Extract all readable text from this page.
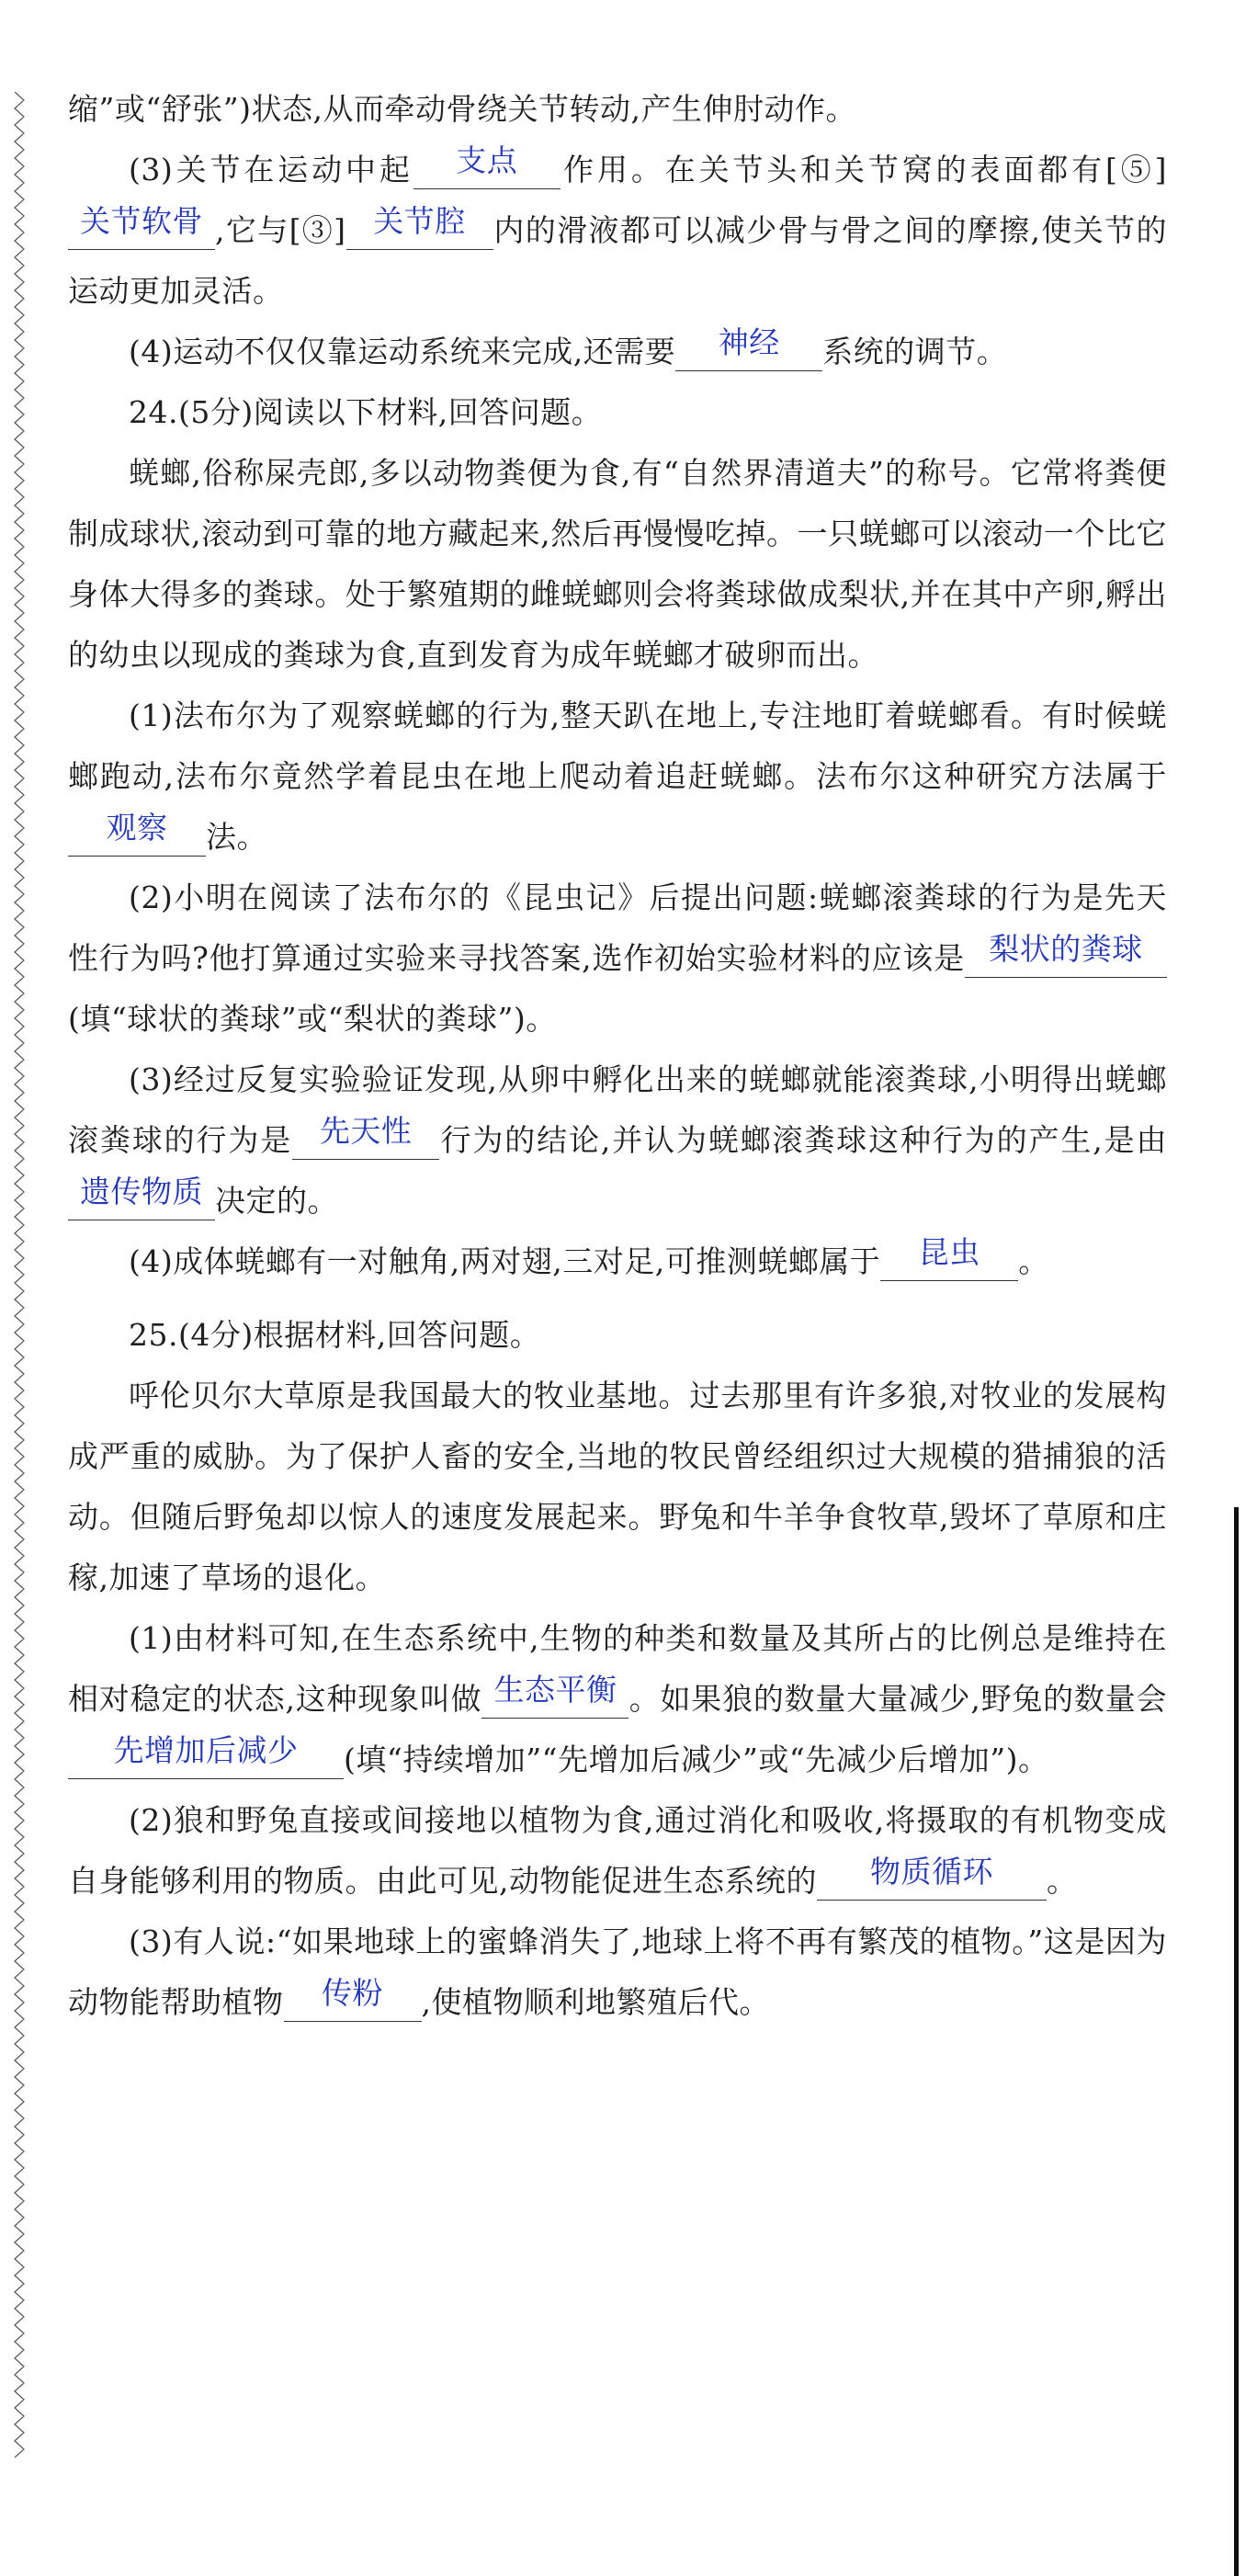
缩”或“舒张”)状态,从而牵动骨绕关节转动,产生伸肘动作。

(3)关节在运动中起 支点 作用。在关节头和关节窝的表面都有[⑤]关节软骨 ,它与[③] 关节腔 内的滑液都可以减少骨与骨之间的摩擦,使关节的运动更加灵活。

(4)运动不仅仅靠运动系统来完成,还需要 神经 系统的调节。

24.(5分)阅读以下材料,回答问题。

蜣螂,俗称屎壳郎,多以动物粪便为食,有“自然界清道夫”的称号。它常将粪便制成球状,滚动到可靠的地方藏起来,然后再慢慢吃掉。一只蜣螂可以滚动一个比它身体大得多的粪球。处于繁殖期的雌蜣螂则会将粪球做成梨状,并在其中产卵,孵出的幼虫以现成的粪球为食,直到发育为成年蜣螂才破卵而出。

(1)法布尔为了观察蜣螂的行为,整天趴在地上,专注地盯着蜣螂看。有时候蜣螂跑动,法布尔竟然学着昆虫在地上爬动着追赶蜣螂。法布尔这种研究方法属于观察 法。

(2)小明在阅读了法布尔的《昆虫记》后提出问题:蜣螂滚粪球的行为是先天性行为吗?他打算通过实验来寻找答案,选作初始实验材料的应该是 梨状的粪球(填“球状的粪球”或“梨状的粪球”)。

(3)经过反复实验验证发现,从卵中孵化出来的蜣螂就能滚粪球,小明得出蜣螂滚粪球的行为是 先天性 行为的结论,并认为蜣螂滚粪球这种行为的产生,是由遗传物质 决定的。

(4)成体蜣螂有一对触角,两对翅,三对足,可推测蜣螂属于 昆虫 。

25.(4分)根据材料,回答问题。

呼伦贝尔大草原是我国最大的牧业基地。过去那里有许多狼,对牧业的发展构成严重的威胁。为了保护人畜的安全,当地的牧民曾经组织过大规模的猎捕狼的活动。但随后野兔却以惊人的速度发展起来。野兔和牛羊争食牧草,毁坏了草原和庄稼,加速了草场的退化。

(1)由材料可知,在生态系统中,生物的种类和数量及其所占的比例总是维持在相对稳定的状态,这种现象叫做 生态平衡 。如果狼的数量大量减少,野兔的数量会先增加后减少 (填“持续增加”“先增加后减少”或“先减少后增加”)。

(2)狼和野兔直接或间接地以植物为食,通过消化和吸收,将摄取的有机物变成自身能够利用的物质。由此可见,动物能促进生态系统的 物质循环 。

(3)有人说:“如果地球上的蜜蜂消失了,地球上将不再有繁茂的植物。”这是因为动物能帮助植物 传粉 ,使植物顺利地繁殖后代。
